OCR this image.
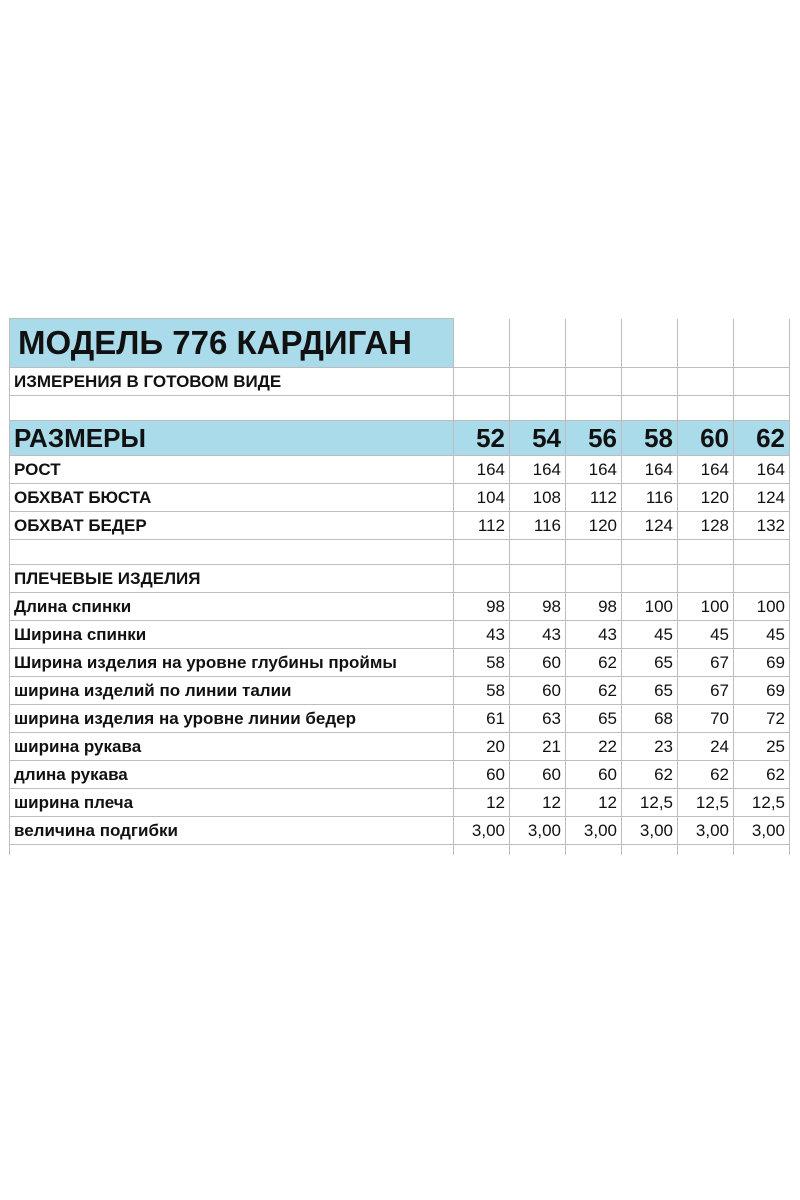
МОДЕЛЬ 776 КАРДИГАН						
ИЗМЕРЕНИЯ В ГОТОВОМ ВИДЕ						

РАЗМЕРЫ	52	54	56	58	60	62
РОСТ	164	164	164	164	164	164
ОБХВАТ БЮСТА	104	108	112	116	120	124
ОБХВАТ БЕДЕР	112	116	120	124	128	132

ПЛЕЧЕВЫЕ ИЗДЕЛИЯ						
Длина спинки	98	98	98	100	100	100
Ширина спинки	43	43	43	45	45	45
Ширина изделия на уровне глубины проймы	58	60	62	65	67	69
ширина изделий по линии талии	58	60	62	65	67	69
ширина изделия на уровне линии бедер	61	63	65	68	70	72
ширина рукава	20	21	22	23	24	25
длина рукава	60	60	60	62	62	62
ширина плеча	12	12	12	12,5	12,5	12,5
величина подгибки	3,00	3,00	3,00	3,00	3,00	3,00
